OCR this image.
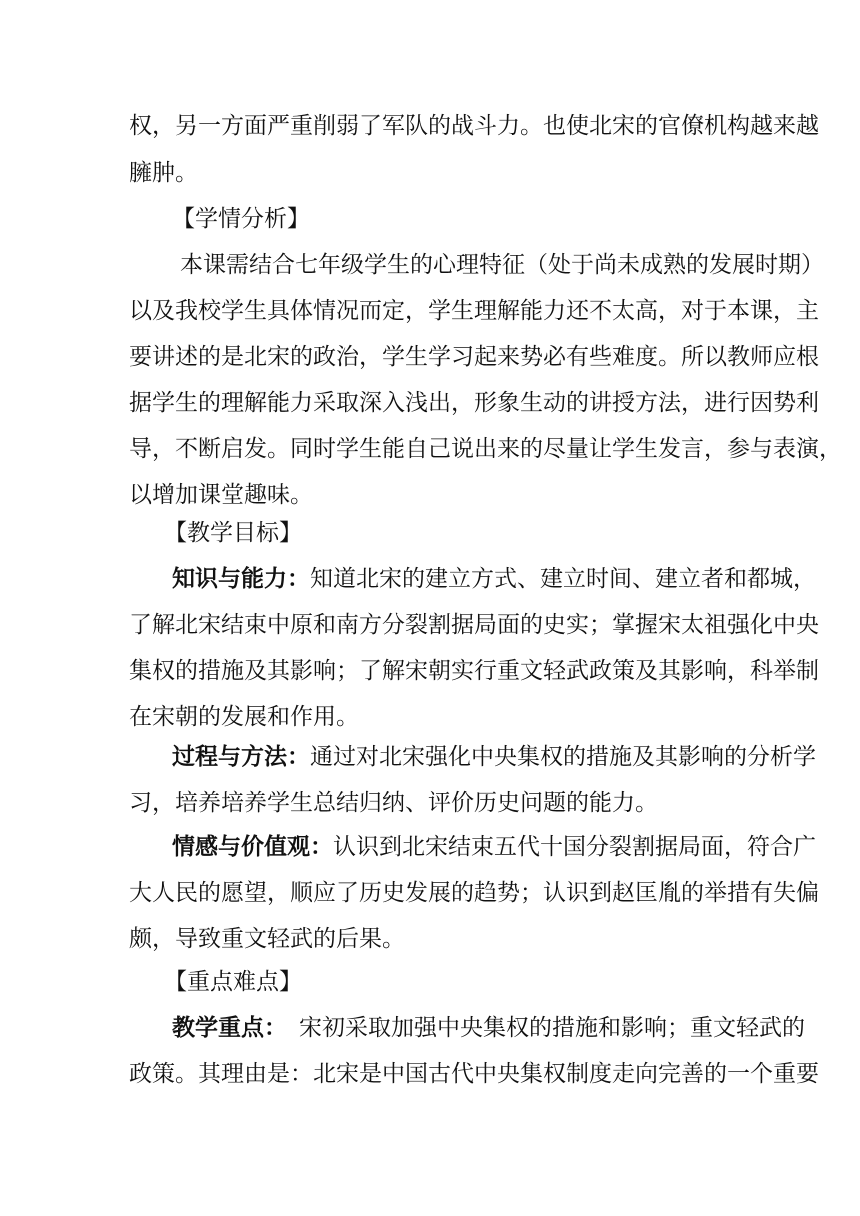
权，另一方面严重削弱了军队的战斗力。也使北宋的官僚机构越来越
臃肿。
【学情分析】
本课需结合七年级学生的心理特征（处于尚未成熟的发展时期）
以及我校学生具体情况而定，学生理解能力还不太高，对于本课，主
要讲述的是北宋的政治，学生学习起来势必有些难度。所以教师应根
据学生的理解能力采取深入浅出，形象生动的讲授方法，进行因势利
导，不断启发。同时学生能自己说出来的尽量让学生发言，参与表演，
以增加课堂趣味。
【教学目标】
知识与能力：知道北宋的建立方式、建立时间、建立者和都城，
了解北宋结束中原和南方分裂割据局面的史实；掌握宋太祖强化中央
集权的措施及其影响；了解宋朝实行重文轻武政策及其影响，科举制
在宋朝的发展和作用。
过程与方法：通过对北宋强化中央集权的措施及其影响的分析学
习，培养培养学生总结归纳、评价历史问题的能力。
情感与价值观：认识到北宋结束五代十国分裂割据局面，符合广
大人民的愿望，顺应了历史发展的趋势；认识到赵匡胤的举措有失偏
颇，导致重文轻武的后果。
【重点难点】
教学重点： 宋初采取加强中央集权的措施和影响；重文轻武的
政策。其理由是：北宋是中国古代中央集权制度走向完善的一个重要
